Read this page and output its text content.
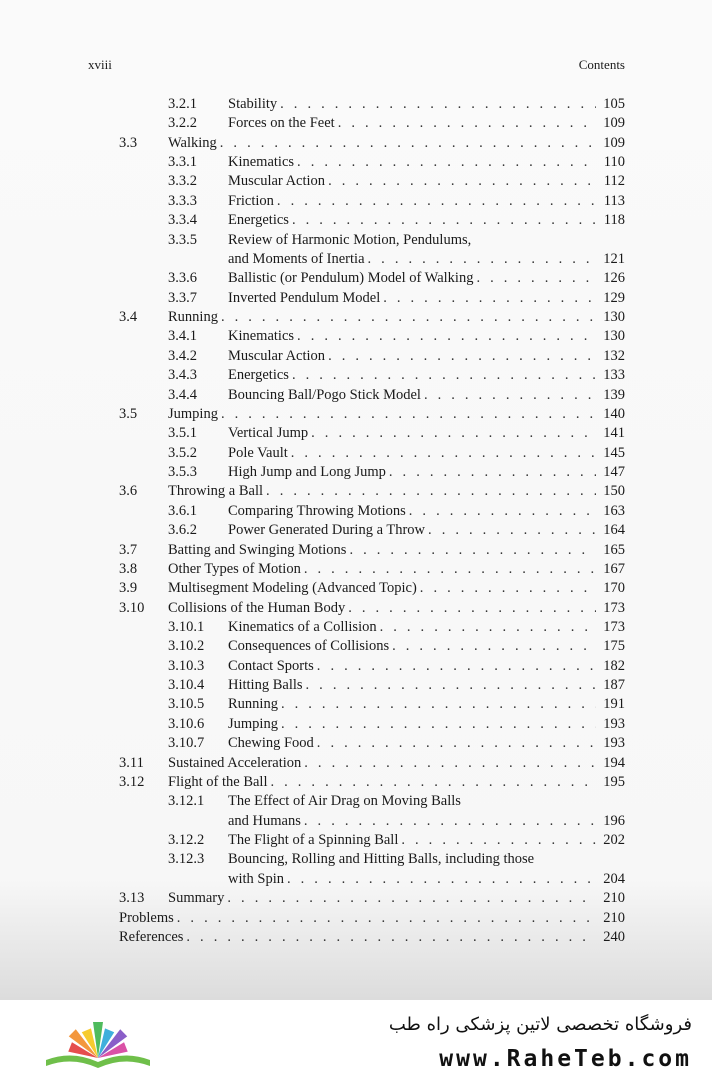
xviii	Contents
3.2.1 Stability . . .	105
3.2.2 Forces on the Feet . . .	109
3.3 Walking . . .	109
3.3.1 Kinematics . . .	110
3.3.2 Muscular Action . . .	112
3.3.3 Friction . . .	113
3.3.4 Energetics . . .	118
3.3.5 Review of Harmonic Motion, Pendulums,
and Moments of Inertia . . .	121
3.3.6 Ballistic (or Pendulum) Model of Walking . . .	126
3.3.7 Inverted Pendulum Model . . .	129
3.4 Running . . .	130
3.4.1 Kinematics . . .	130
3.4.2 Muscular Action . . .	132
3.4.3 Energetics . . .	133
3.4.4 Bouncing Ball/Pogo Stick Model . . .	139
3.5 Jumping . . .	140
3.5.1 Vertical Jump . . .	141
3.5.2 Pole Vault . . .	145
3.5.3 High Jump and Long Jump . . .	147
3.6 Throwing a Ball . . .	150
3.6.1 Comparing Throwing Motions . . .	163
3.6.2 Power Generated During a Throw . . .	164
3.7 Batting and Swinging Motions . . .	165
3.8 Other Types of Motion . . .	167
3.9 Multisegment Modeling (Advanced Topic) . . .	170
3.10 Collisions of the Human Body . . .	173
3.10.1 Kinematics of a Collision . . .	173
3.10.2 Consequences of Collisions . . .	175
3.10.3 Contact Sports . . .	182
3.10.4 Hitting Balls . . .	187
3.10.5 Running . . .	191
3.10.6 Jumping . . .	193
3.10.7 Chewing Food . . .	193
3.11 Sustained Acceleration . . .	194
3.12 Flight of the Ball . . .	195
3.12.1 The Effect of Air Drag on Moving Balls
and Humans . . .	196
3.12.2 The Flight of a Spinning Ball . . .	202
3.12.3 Bouncing, Rolling and Hitting Balls, including those
with Spin . . .	204
3.13 Summary . . .	210
Problems . . .	210
References . . .	240
فروشگاه تخصصی لاتین پزشکی راه طب
www.RaheTeb.com
